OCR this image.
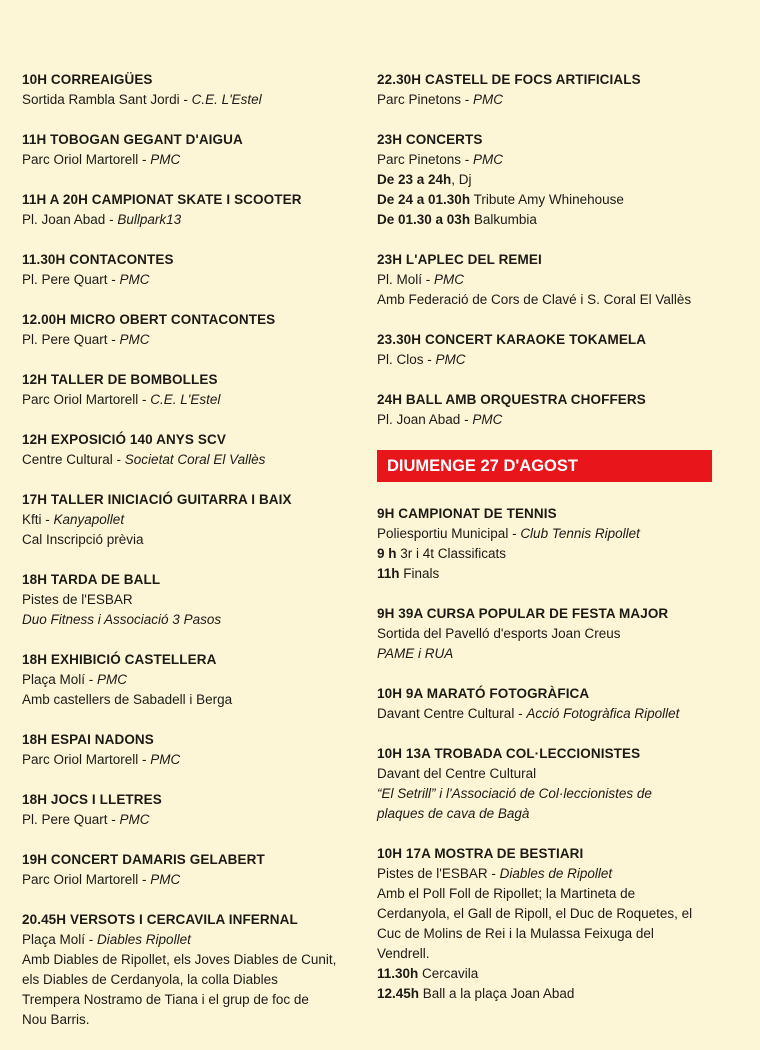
10H CORREAIGÜES
Sortida Rambla Sant Jordi - C.E. L'Estel
11H TOBOGAN GEGANT D'AIGUA
Parc Oriol Martorell - PMC
11H A 20H CAMPIONAT SKATE I SCOOTER
Pl. Joan Abad - Bullpark13
11.30H CONTACONTES
Pl. Pere Quart - PMC
12.00H MICRO OBERT CONTACONTES
Pl. Pere Quart - PMC
12H TALLER DE BOMBOLLES
Parc Oriol Martorell - C.E. L'Estel
12H EXPOSICIÓ 140 ANYS SCV
Centre Cultural - Societat Coral El Vallès
17H TALLER INICIACIÓ GUITARRA I BAIX
Kfti - Kanyapollet
Cal Inscripció prèvia
18H TARDA DE BALL
Pistes de l'ESBAR
Duo Fitness i Associació 3 Pasos
18H EXHIBICIÓ CASTELLERA
Plaça Molí - PMC
Amb castellers de Sabadell i Berga
18H ESPAI NADONS
Parc Oriol Martorell - PMC
18H JOCS I LLETRES
Pl. Pere Quart - PMC
19H CONCERT DAMARIS GELABERT
Parc Oriol Martorell - PMC
20.45H VERSOTS I CERCAVILA INFERNAL
Plaça Molí - Diables Ripollet
Amb Diables de Ripollet, els Joves Diables de Cunit,
els Diables de Cerdanyola, la colla Diables
Trempera Nostramo de Tiana i el grup de foc de
Nou Barris.
22.30H CASTELL DE FOCS ARTIFICIALS
Parc Pinetons - PMC
23H CONCERTS
Parc Pinetons - PMC
De 23 a 24h, Dj
De 24 a 01.30h Tribute Amy Whinehouse
De 01.30 a 03h Balkumbia
23H L'APLEC DEL REMEI
Pl. Molí - PMC
Amb Federació de Cors de Clavé i S. Coral El Vallès
23.30H CONCERT KARAOKE TOKAMELA
Pl. Clos - PMC
24H BALL AMB ORQUESTRA CHOFFERS
Pl. Joan Abad - PMC
DIUMENGE 27 D'AGOST
9H CAMPIONAT DE TENNIS
Poliesportiu Municipal - Club Tennis Ripollet
9 h 3r i 4t Classificats
11h Finals
9H 39A CURSA POPULAR DE FESTA MAJOR
Sortida del Pavelló d'esports Joan Creus
PAME i RUA
10H 9A MARATÓ FOTOGRÀFICA
Davant Centre Cultural - Acció Fotogràfica Ripollet
10H 13A TROBADA COL·LECCIONISTES
Davant del Centre Cultural
“El Setrill” i l'Associació de Col·leccionistes de
plaques de cava de Bagà
10H 17A MOSTRA DE BESTIARI
Pistes de l'ESBAR - Diables de Ripollet
Amb el Poll Foll de Ripollet; la Martineta de
Cerdanyola, el Gall de Ripoll, el Duc de Roquetes, el
Cuc de Molins de Rei i la Mulassa Feixuga del
Vendrell.
11.30h Cercavila
12.45h Ball a la plaça Joan Abad
